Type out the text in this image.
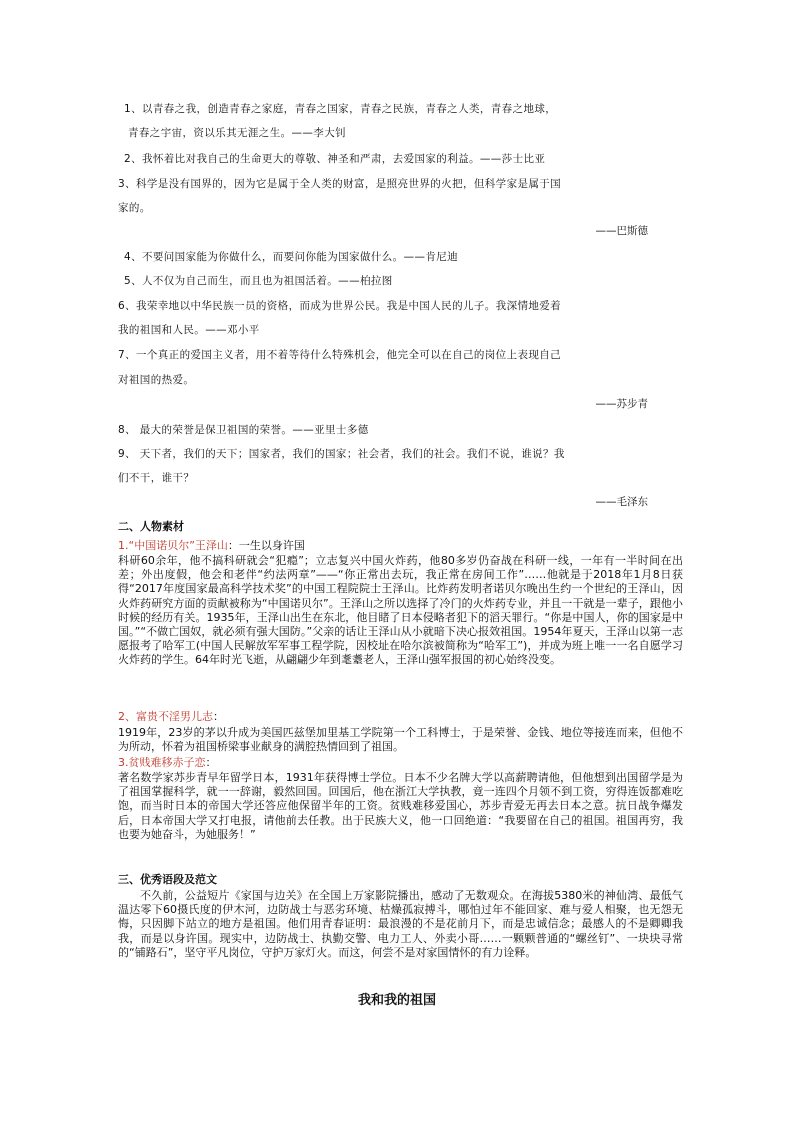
1、以青春之我，创造青春之家庭，青春之国家，青春之民族，青春之人类，青春之地球，
青春之宇宙，资以乐其无涯之生。——李大钊
2、我怀着比对我自己的生命更大的尊敬、神圣和严肃，去爱国家的利益。——莎士比亚
3、科学是没有国界的，因为它是属于全人类的财富，是照亮世界的火把，但科学家是属于国
家的。
——巴斯德
4、不要问国家能为你做什么，而要问你能为国家做什么。——肯尼迪
5、人不仅为自己而生，而且也为祖国活着。——柏拉图
6、我荣幸地以中华民族一员的资格，而成为世界公民。我是中国人民的儿子。我深情地爱着
我的祖国和人民。——邓小平
7、一个真正的爱国主义者，用不着等待什么特殊机会，他完全可以在自己的岗位上表现自己
对祖国的热爱。
——苏步青
8、 最大的荣誉是保卫祖国的荣誉。——亚里士多德
9、 天下者，我们的天下；国家者，我们的国家；社会者，我们的社会。我们不说，谁说？我
们不干，谁干？
——毛泽东
二、人物素材
1.“中国诺贝尔”王泽山：一生以身许国
科研60余年，他不搞科研就会“犯瘾”；立志复兴中国火炸药，他80多岁仍奋战在科研一线，一年有一半时间在出差；外出度假，他会和老伴“约法两章”——“你正常出去玩，我正常在房间工作”……他就是于2018年1月8日获得“2017年度国家最高科学技术奖”的中国工程院院士王泽山。比炸药发明者诺贝尔晚出生约一个世纪的王泽山，因火炸药研究方面的贡献被称为“中国诺贝尔”。王泽山之所以选择了冷门的火炸药专业，并且一干就是一辈子，跟他小时候的经历有关。1935年，王泽山出生在东北，他目睹了日本侵略者犯下的滔天罪行。“你是中国人，你的国家是中国。”“不做亡国奴，就必须有强大国防。”父亲的话让王泽山从小就暗下决心报效祖国。1954年夏天，王泽山以第一志愿报考了哈军工(中国人民解放军军事工程学院，因校址在哈尔滨被简称为“哈军工”)，并成为班上唯一一名自愿学习火炸药的学生。64年时光飞逝，从翩翩少年到耄耋老人，王泽山强军报国的初心始终没变。
2、富贵不淫男儿志：
1919年，23岁的茅以升成为美国匹兹堡加里基工学院第一个工科博士，于是荣誉、金钱、地位等接连而来，但他不为所动，怀着为祖国桥梁事业献身的满腔热情回到了祖国。
3.贫贱难移赤子恋：
著名数学家苏步青早年留学日本，1931年获得博士学位。日本不少名牌大学以高薪聘请他，但他想到出国留学是为了祖国掌握科学，就一一辞谢，毅然回国。回国后，他在浙江大学执教，竟一连四个月领不到工资，穷得连饭都难吃饱，而当时日本的帝国大学还答应他保留半年的工资。贫贱难移爱国心，苏步青爱无再去日本之意。抗日战争爆发后，日本帝国大学又打电报，请他前去任教。出于民族大义，他一口回绝道：“我要留在自己的祖国。祖国再穷，我也要为她奋斗，为她服务！”
三、优秀语段及范文
不久前，公益短片《家国与边关》在全国上万家影院播出，感动了无数观众。在海拔5380米的神仙湾、最低气温达零下60摄氏度的伊木河，边防战士与恶劣环境、枯燥孤寂搏斗，哪怕过年不能回家、难与爱人相聚，也无怨无悔，只因脚下站立的地方是祖国。他们用青春证明：最浪漫的不是花前月下，而是忠诚信念；最感人的不是卿卿我我，而是以身许国。现实中，边防战士、执勤交警、电力工人、外卖小哥……一颗颗普通的“螺丝钉”、一块块寻常的“铺路石”，坚守平凡岗位，守护万家灯火。而这，何尝不是对家国情怀的有力诠释。
我和我的祖国
